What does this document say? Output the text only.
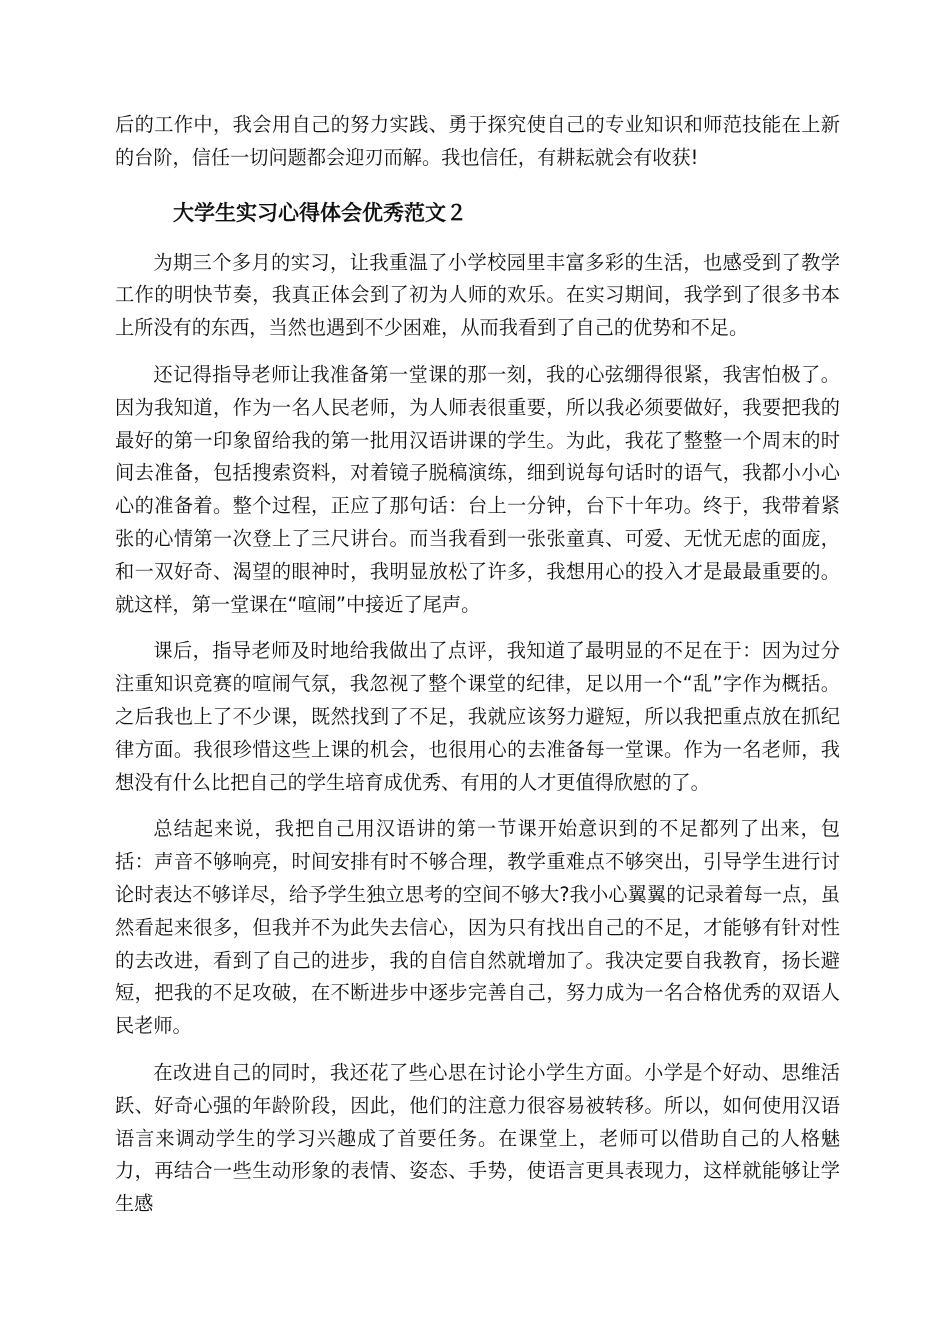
后的工作中，我会用自己的努力实践、勇于探究使自己的专业知识和师范技能在上新的台阶，信任一切问题都会迎刃而解。我也信任，有耕耘就会有收获!

大学生实习心得体会优秀范文２

为期三个多月的实习，让我重温了小学校园里丰富多彩的生活，也感受到了教学工作的明快节奏，我真正体会到了初为人师的欢乐。在实习期间，我学到了很多书本上所没有的东西，当然也遇到不少困难，从而我看到了自己的优势和不足。

还记得指导老师让我准备第一堂课的那一刻，我的心弦绷得很紧，我害怕极了。因为我知道，作为一名人民老师，为人师表很重要，所以我必须要做好，我要把我的最好的第一印象留给我的第一批用汉语讲课的学生。为此，我花了整整一个周末的时间去准备，包括搜索资料，对着镜子脱稿演练，细到说每句话时的语气，我都小小心心的准备着。整个过程，正应了那句话：台上一分钟，台下十年功。终于，我带着紧张的心情第一次登上了三尺讲台。而当我看到一张张童真、可爱、无忧无虑的面庞，和一双好奇、渴望的眼神时，我明显放松了许多，我想用心的投入才是最最重要的。就这样，第一堂课在“喧闹”中接近了尾声。

课后，指导老师及时地给我做出了点评，我知道了最明显的不足在于：因为过分注重知识竞赛的喧闹气氛，我忽视了整个课堂的纪律，足以用一个“乱”字作为概括。之后我也上了不少课，既然找到了不足，我就应该努力避短，所以我把重点放在抓纪律方面。我很珍惜这些上课的机会，也很用心的去准备每一堂课。作为一名老师，我想没有什么比把自己的学生培育成优秀、有用的人才更值得欣慰的了。

总结起来说，我把自己用汉语讲的第一节课开始意识到的不足都列了出来，包括：声音不够响亮，时间安排有时不够合理，教学重难点不够突出，引导学生进行讨论时表达不够详尽，给予学生独立思考的空间不够大?我小心翼翼的记录着每一点，虽然看起来很多，但我并不为此失去信心，因为只有找出自己的不足，才能够有针对性的去改进，看到了自己的进步，我的自信自然就增加了。我决定要自我教育，扬长避短，把我的不足攻破，在不断进步中逐步完善自己，努力成为一名合格优秀的双语人民老师。

在改进自己的同时，我还花了些心思在讨论小学生方面。小学是个好动、思维活跃、好奇心强的年龄阶段，因此，他们的注意力很容易被转移。所以，如何使用汉语语言来调动学生的学习兴趣成了首要任务。在课堂上，老师可以借助自己的人格魅力，再结合一些生动形象的表情、姿态、手势，使语言更具表现力，这样就能够让学生感
